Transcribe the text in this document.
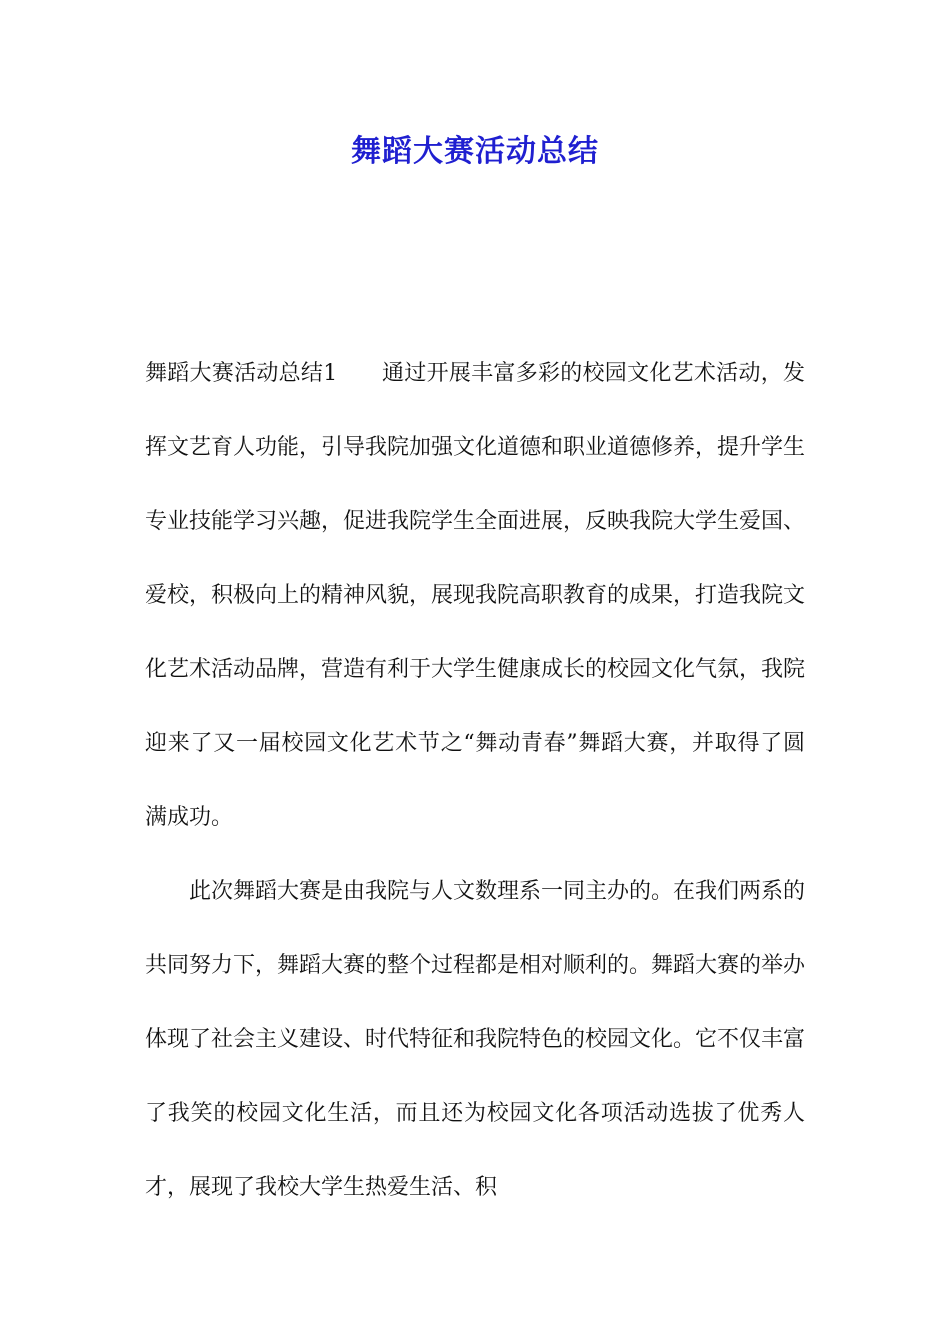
舞蹈大赛活动总结

舞蹈大赛活动总结1　　通过开展丰富多彩的校园文化艺术活动，发挥文艺育人功能，引导我院加强文化道德和职业道德修养，提升学生专业技能学习兴趣，促进我院学生全面进展，反映我院大学生爱国、爱校，积极向上的精神风貌，展现我院高职教育的成果，打造我院文化艺术活动品牌，营造有利于大学生健康成长的校园文化气氛，我院迎来了又一届校园文化艺术节之“舞动青春”舞蹈大赛，并取得了圆满成功。

此次舞蹈大赛是由我院与人文数理系一同主办的。在我们两系的共同努力下，舞蹈大赛的整个过程都是相对顺利的。舞蹈大赛的举办体现了社会主义建设、时代特征和我院特色的校园文化。它不仅丰富了我笑的校园文化生活，而且还为校园文化各项活动选拔了优秀人才，展现了我校大学生热爱生活、积
